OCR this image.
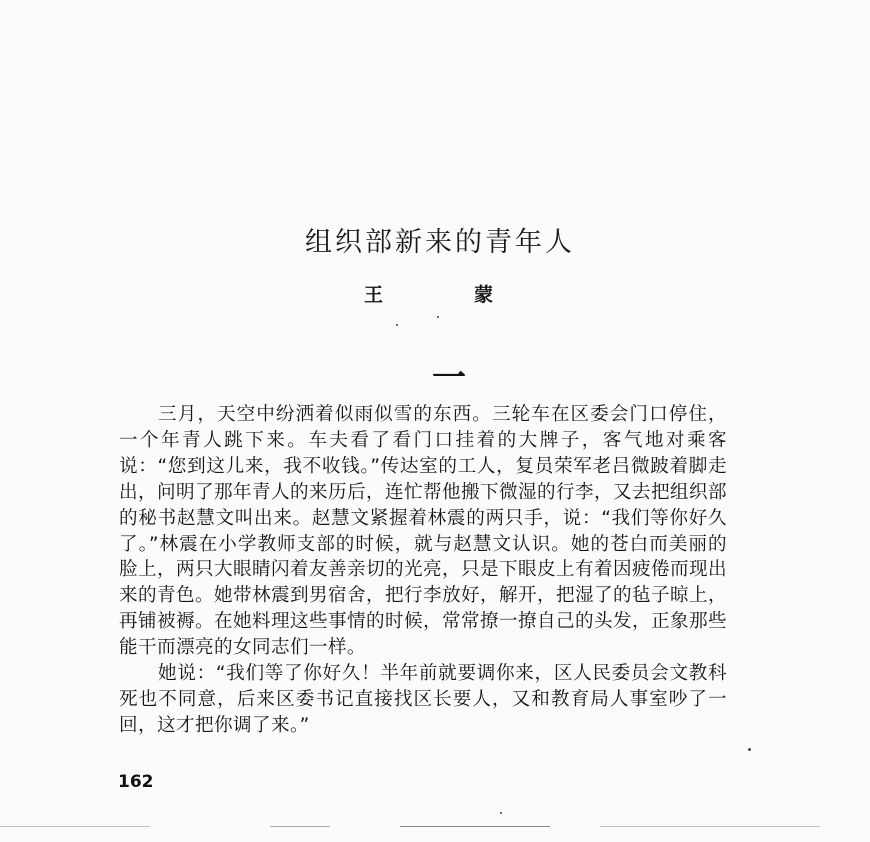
组织部新来的青年人
王　蒙
一

三月，天空中纷洒着似雨似雪的东西。三轮车在区委会门口停住，一个年青人跳下来。车夫看了看门口挂着的大牌子，客气地对乘客说：“您到这儿来，我不收钱。”传达室的工人，复员荣军老吕微跛着脚走出，问明了那年青人的来历后，连忙帮他搬下微湿的行李，又去把组织部的秘书赵慧文叫出来。赵慧文紧握着林震的两只手，说：“我们等你好久了。”林震在小学教师支部的时候，就与赵慧文认识。她的苍白而美丽的脸上，两只大眼睛闪着友善亲切的光亮，只是下眼皮上有着因疲倦而现出来的青色。她带林震到男宿舍，把行李放好，解开，把湿了的毡子晾上，再铺被褥。在她料理这些事情的时候，常常撩一撩自己的头发，正象那些能干而漂亮的女同志们一样。

她说：“我们等了你好久！半年前就要调你来，区人民委员会文教科死也不同意，后来区委书记直接找区长要人，又和教育局人事室吵了一回，这才把你调了来。”

162
